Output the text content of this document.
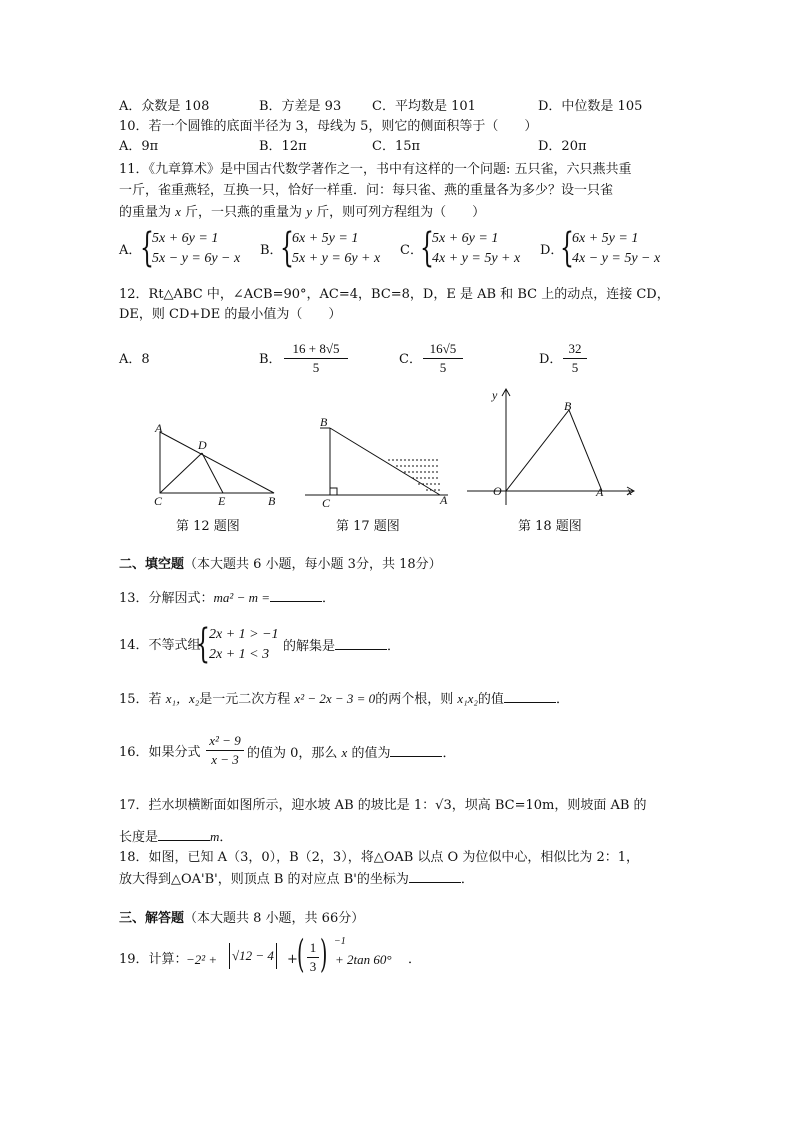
A．众数是 108	B．方差是 93 C．平均数是 101	D．中位数是 105
10．若一个圆锥的底面半径为 3，母线为 5，则它的侧面积等于（　　）
A．9π	B．12π	C．15π	D．20π
11．《九章算术》是中国古代数学著作之一，书中有这样的一个问题: 五只雀，六只燕共重
一斤，雀重燕轻，互换一只，恰好一样重．问：每只雀、燕的重量各为多少？设一只雀
的重量为 x 斤，一只燕的重量为 y 斤，则可列方程组为（　　）
A．
{
5x + 6y = 1
5x − y = 6y − x
B．
{
6x + 5y = 1
5x + y = 6y + x
C．
{
5x + 6y = 1
4x + y = 5y + x
D．
{
6x + 5y = 1
4x − y = 5y − x
12．Rt△ABC 中，∠ACB=90°，AC=4，BC=8，D，E 是 AB 和 BC 上的动点，连接 CD，
DE，则 CD+DE 的最小值为（　　）
A．8	B． $\frac{16 + 8√5}{5}$	C． $\frac{16√5}{5}$	D． $\frac{32}{5}$
A
D
C	E	B
第 12 题图
B
C	A
第 17 题图
y
x
O	A
B
第 18 题图
二、填空题（本大题共 6 小题，每小题 3分，共 18分）
13．分解因式：ma² − m =	．
14．不等式组
{ 2x + 1 > −1
2x + 1 < 3
的解集是	．
15．若 x₁，x₂是一元二次方程 x² − 2x − 3 = 0的两个根，则 x₁x₂的值	．
16．如果分式 $\frac{\text{x² − 9}}{x - 3}$ 的值为 0，那么 x 的值为	．
17．拦水坝横断面如图所示，迎水坡 AB 的坡比是 1：√3，坝高 BC=10m，则坡面 AB 的
长度是	m．
18．如图，已知 A（3，0），B（2，3），将△OAB 以点 O 为位似中心，相似比为 2：1，
放大得到△OA'B'，则顶点 B 的对应点 B'的坐标为	．
三、解答题（本大题共 8 小题，共 66分）
19．计算：
−2² + √12 − 4 + ( $\frac{1}{3}$ ) −1
+ 2tan 60° ．
